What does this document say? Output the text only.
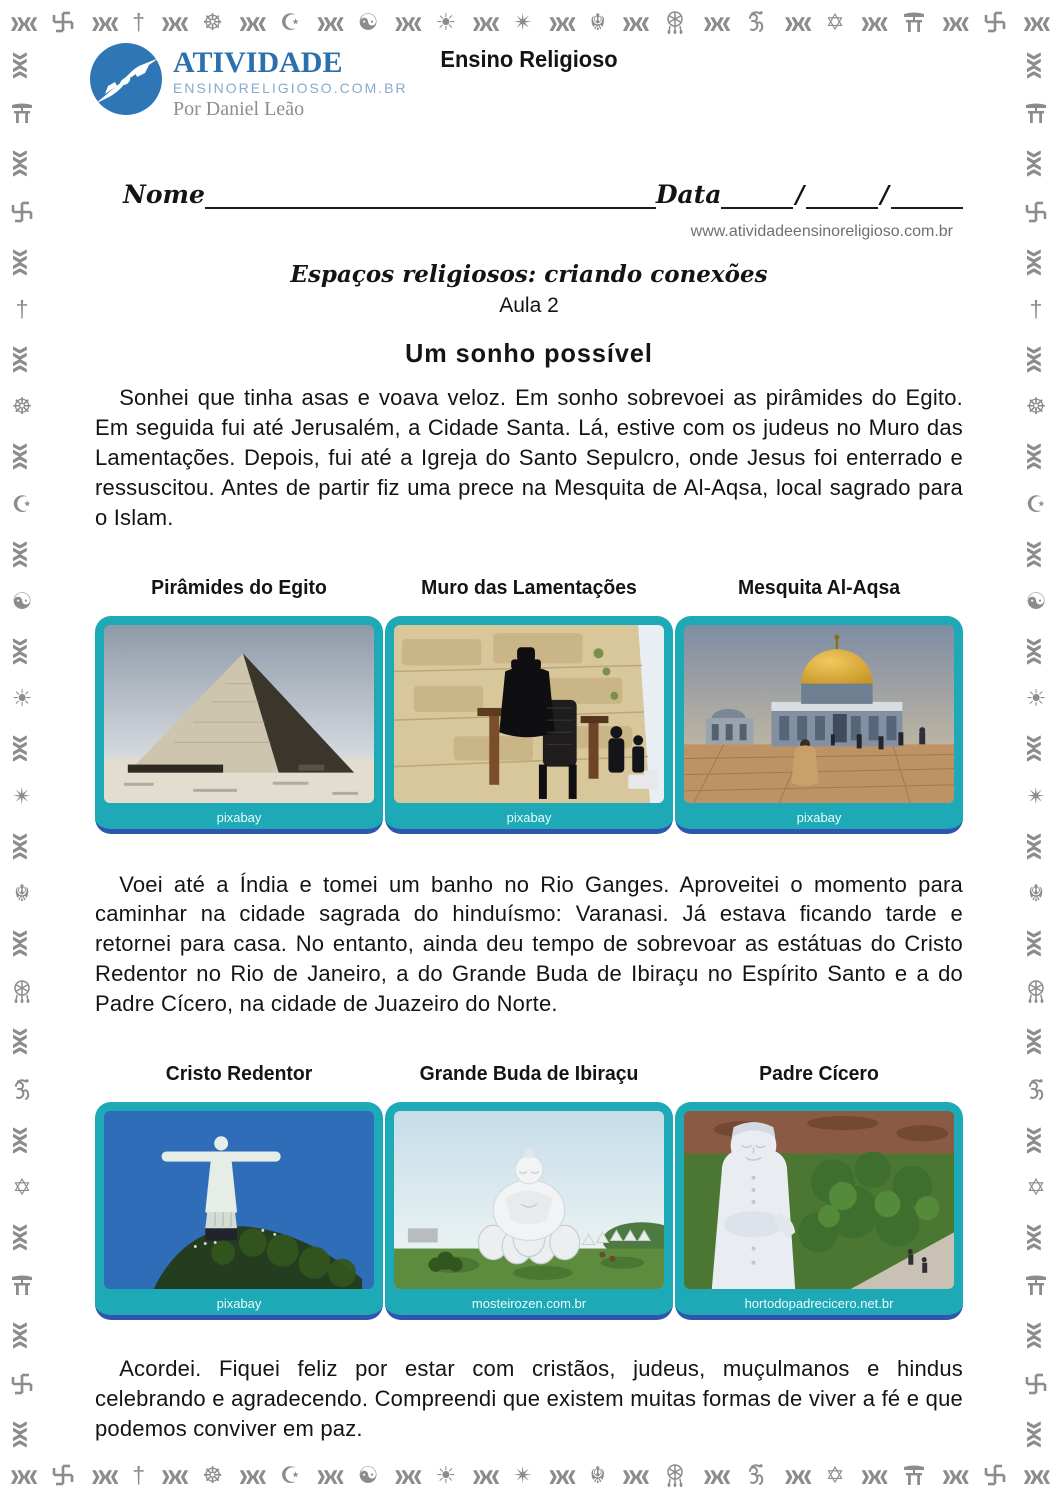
»« »« † »« ☸ »« ☪ »« ☯ »« ☀ »« ✴ »« ☬ »« »« »« ✡ »« »« »«
»« »« † »« ☸ »« ☪ »« ☯ »« ☀ »« ✴ »« ☬ »« »« »« ✡ »« »« »«
»«
»«
»«
†
»«
☸
»«
☪
»«
☯
»«
☀
»«
✴
»«
☬
»«
»«
»«
✡
»«
»«
»«
»«
»«
»«
†
»«
☸
»«
☪
»«
☯
»«
☀
»«
✴
»«
☬
»«
»«
»«
✡
»«
»«
»«
ATIVIDADE
ENSINORELIGIOSO.COM.BR
Por Daniel Leão
Ensino Religioso
Nome	Data	/	/
www.atividadeensinoreligioso.com.br
Espaços religiosos: criando conexões
Aula 2
Um sonho possível

Sonhei que tinha asas e voava veloz. Em sonho sobrevoei as pirâmides do Egito. Em seguida fui até Jerusalém, a Cidade Santa. Lá, estive com os judeus no Muro das Lamentações. Depois, fui até a Igreja do Santo Sepulcro, onde Jesus foi enterrado e ressuscitou. Antes de partir fiz uma prece na Mesquita de Al-Aqsa, local sagrado para o Islam.

Pirâmides do Egito
pixabay
Muro das Lamentações
pixabay
Mesquita Al-Aqsa
pixabay

Voei até a Índia e tomei um banho no Rio Ganges. Aproveitei o momento para caminhar na cidade sagrada do hinduísmo: Varanasi. Já estava ficando tarde e retornei para casa. No entanto, ainda deu tempo de sobrevoar as estátuas do Cristo Redentor no Rio de Janeiro, a do Grande Buda de Ibiraçu no Espírito Santo e a do Padre Cícero, na cidade de Juazeiro do Norte.

Cristo Redentor
pixabay
Grande Buda de Ibiraçu
mosteirozen.com.br
Padre Cícero
hortodopadrecicero.net.br

Acordei. Fiquei feliz por estar com cristãos, judeus, muçulmanos e hindus celebrando e agradecendo. Compreendi que existem muitas formas de viver a fé e que podemos conviver em paz.
